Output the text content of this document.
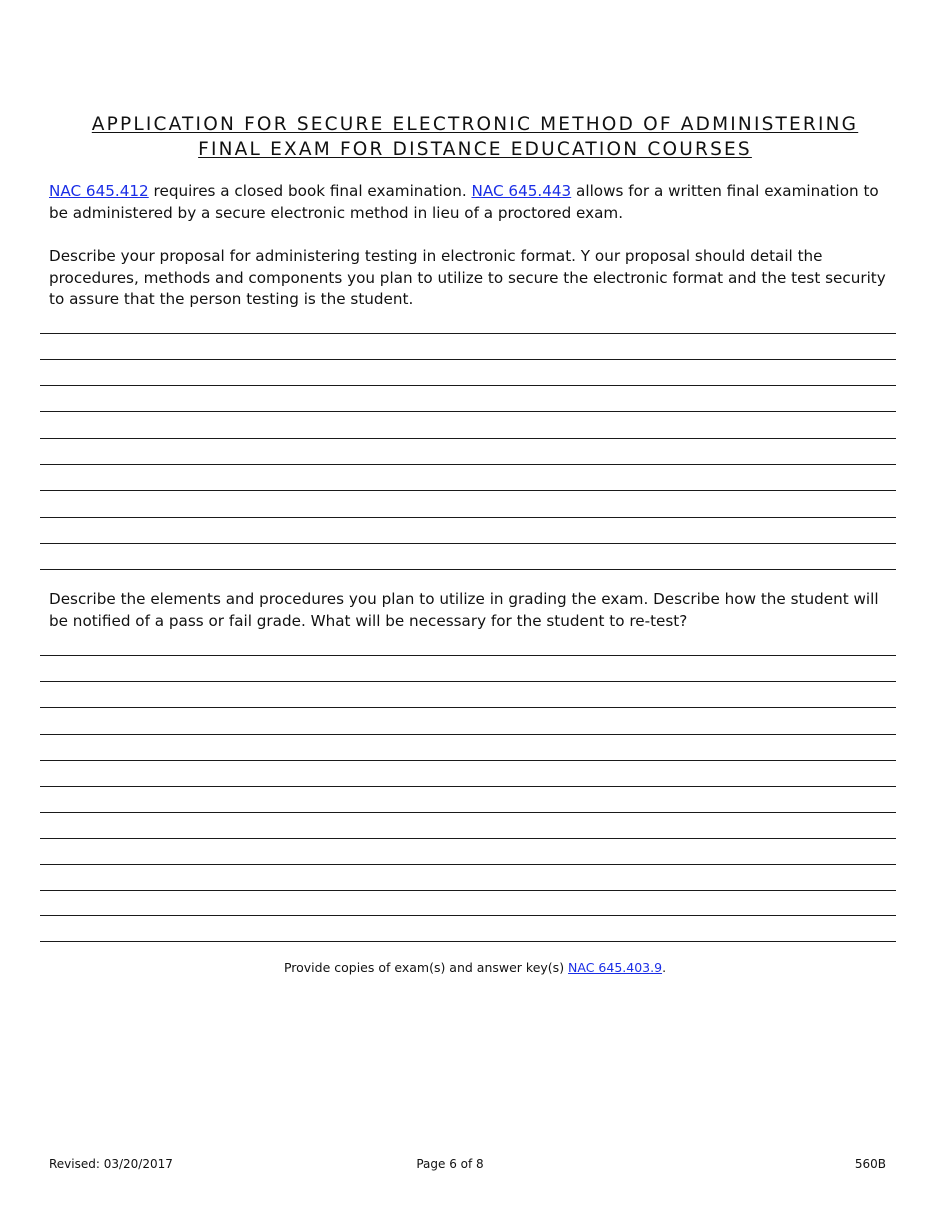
APPLICATION FOR SECURE ELECTRONIC METHOD OF ADMINISTERING
FINAL EXAM FOR DISTANCE EDUCATION COURSES

NAC 645.412 requires a closed book final examination. NAC 645.443 allows for a written final examination to be administered by a secure electronic method in lieu of a proctored exam.

Describe your proposal for administering testing in electronic format. Y our proposal should detail the procedures, methods and components you plan to utilize to secure the electronic format and the test security to assure that the person testing is the student.

Describe the elements and procedures you plan to utilize in grading the exam. Describe how the student will be notified of a pass or fail grade. What will be necessary for the student to re-test?

Provide copies of exam(s) and answer key(s) NAC 645.403.9.
Revised: 03/20/2017	Page 6 of 8	560B
